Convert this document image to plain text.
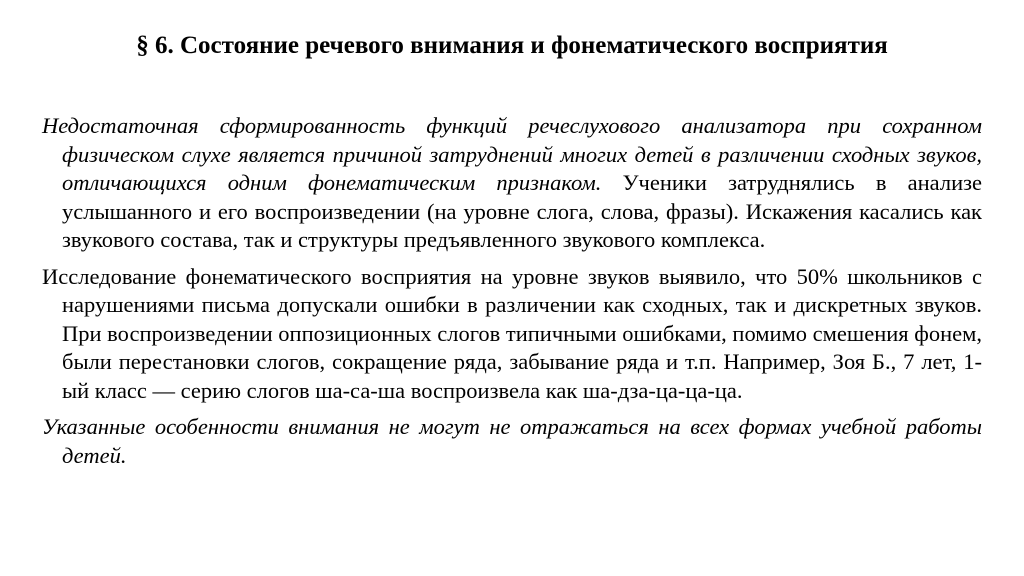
§ 6. Состояние речевого внимания и фонематического восприятия

Недостаточная сформированность функций речеслухового анализатора при сохранном физическом слухе является причиной затруднений многих детей в различении сходных звуков, отличающихся одним фонематическим признаком. Ученики затруднялись в анализе услышанного и его воспроизведении (на уровне слога, слова, фразы). Искажения касались как звукового состава, так и структуры предъявленного звукового комплекса.

Исследование фонематического восприятия на уровне звуков выявило, что 50% школьников с нарушениями письма допускали ошибки в различении как сходных, так и дискретных звуков. При воспроизведении оппозиционных слогов типичными ошибками, помимо смешения фонем, были перестановки слогов, сокращение ряда, забывание ряда и т.п. Например, Зоя Б., 7 лет, 1-ый класс — серию слогов ша-са-ша воспроизвела как ша-дза-ца-ца-ца.

Указанные особенности внимания не могут не отражаться на всех формах учебной работы детей.
